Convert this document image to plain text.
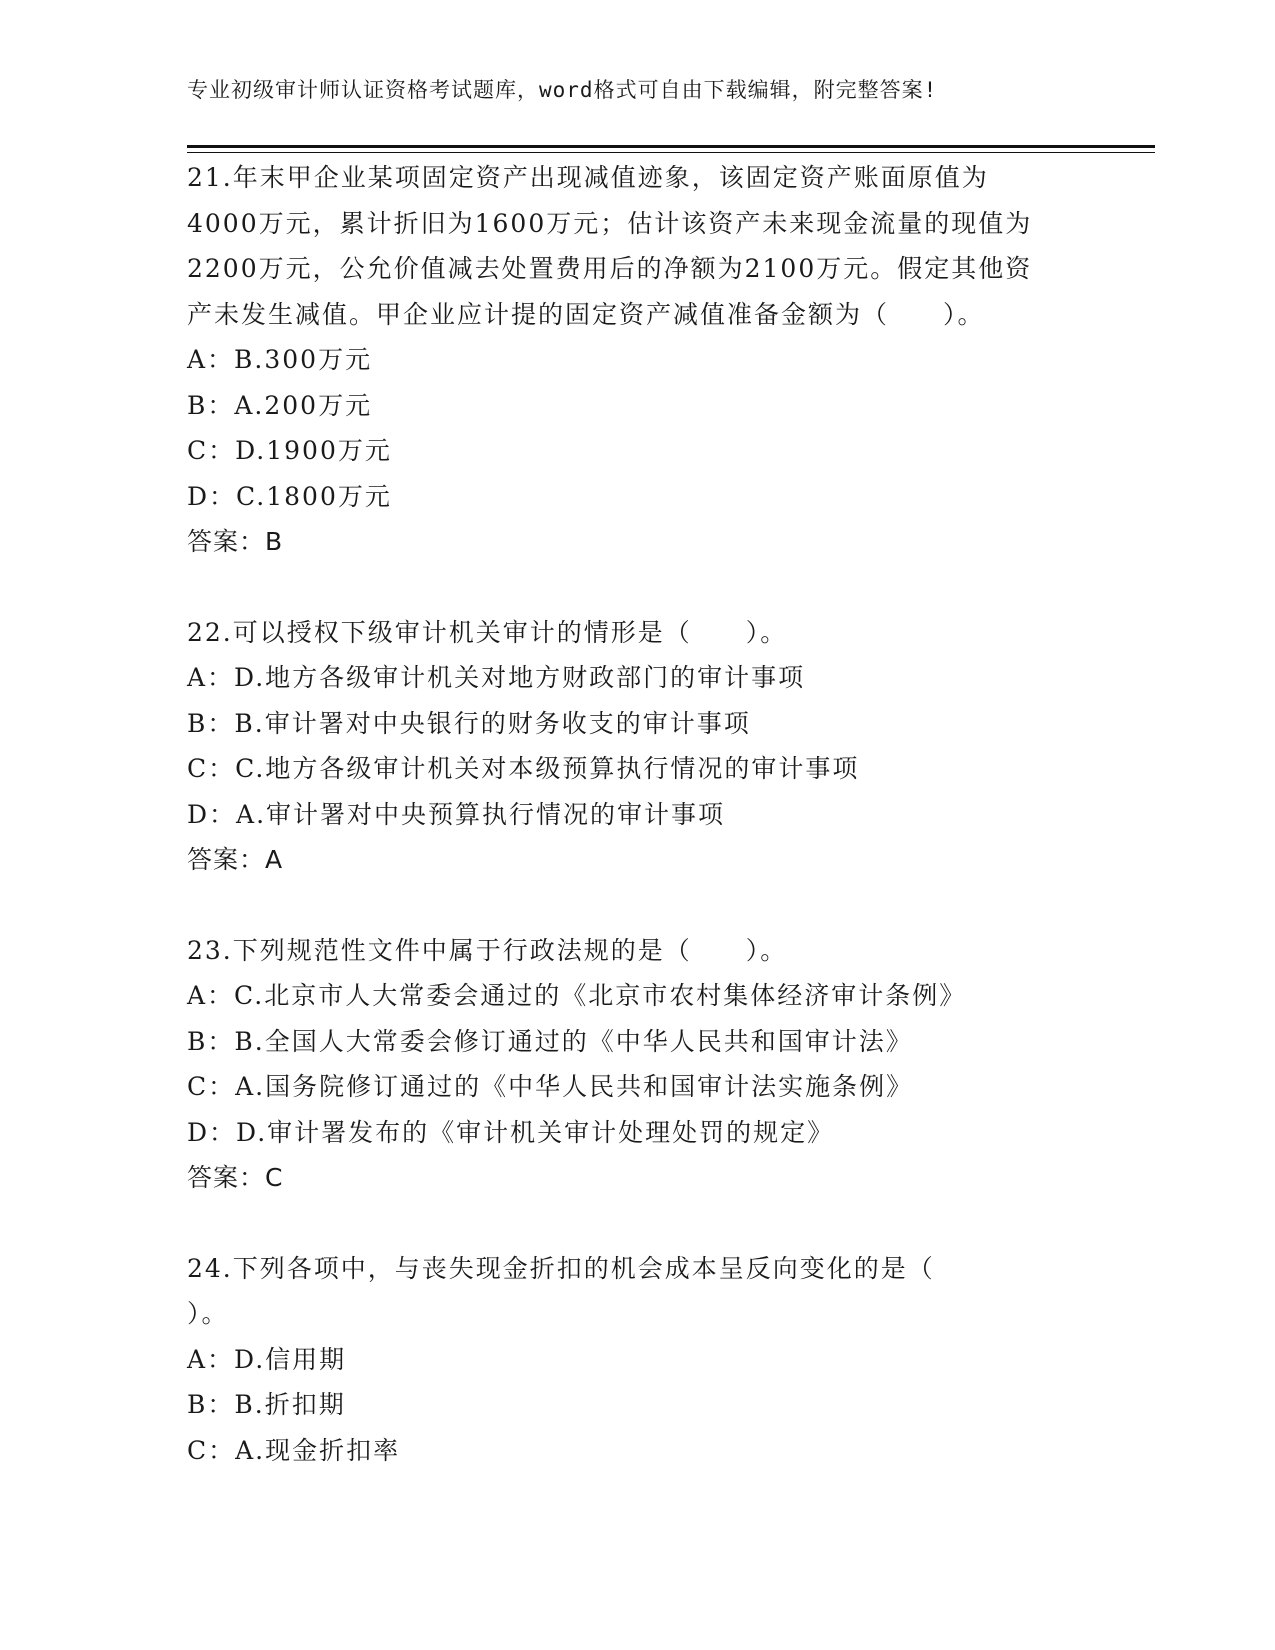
专业初级审计师认证资格考试题库，word格式可自由下载编辑，附完整答案!
21.年末甲企业某项固定资产出现减值迹象，该固定资产账面原值为
4000万元，累计折旧为1600万元；估计该资产未来现金流量的现值为
2200万元，公允价值减去处置费用后的净额为2100万元。假定其他资
产未发生减值。甲企业应计提的固定资产减值准备金额为（　　）。
A：B.300万元
B：A.200万元
C：D.1900万元
D：C.1800万元
答案：B
22.可以授权下级审计机关审计的情形是（　　）。
A：D.地方各级审计机关对地方财政部门的审计事项
B：B.审计署对中央银行的财务收支的审计事项
C：C.地方各级审计机关对本级预算执行情况的审计事项
D：A.审计署对中央预算执行情况的审计事项
答案：A
23.下列规范性文件中属于行政法规的是（　　）。
A：C.北京市人大常委会通过的《北京市农村集体经济审计条例》
B：B.全国人大常委会修订通过的《中华人民共和国审计法》
C：A.国务院修订通过的《中华人民共和国审计法实施条例》
D：D.审计署发布的《审计机关审计处理处罚的规定》
答案：C
24.下列各项中，与丧失现金折扣的机会成本呈反向变化的是（
）。
A：D.信用期
B：B.折扣期
C：A.现金折扣率
